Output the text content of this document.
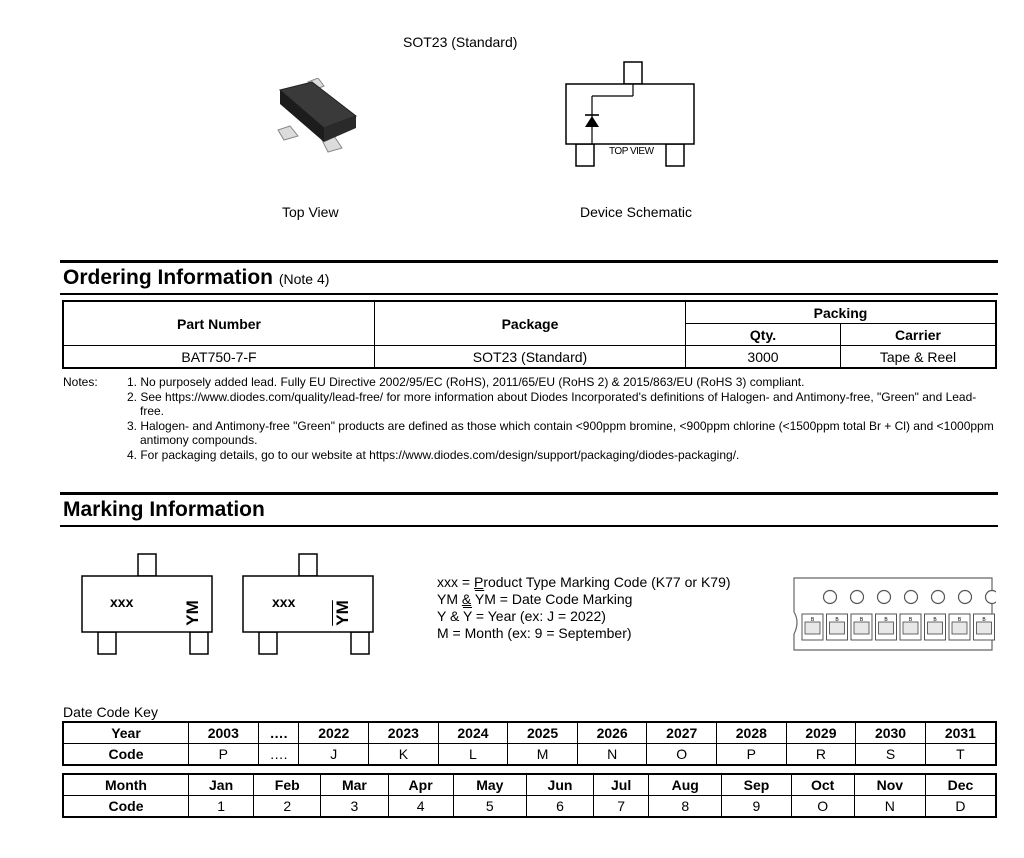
SOT23 (Standard)
TOP VIEW
Top View	Device Schematic
Ordering Information (Note 4)
Part Number	Package	Packing	
		Qty.	Carrier
BAT750-7-F	SOT23 (Standard)	3000	Tape & Reel
Notes: 1. No purposely added lead. Fully EU Directive 2002/95/EC (RoHS), 2011/65/EU (RoHS 2) & 2015/863/EU (RoHS 3) compliant.
2. See https://www.diodes.com/quality/lead-free/ for more information about Diodes Incorporated's definitions of Halogen- and Antimony-free, "Green" and Lead-free.
3. Halogen- and Antimony-free "Green" products are defined as those which contain <900ppm bromine, <900ppm chlorine (<1500ppm total Br + Cl) and <1000ppm antimony compounds.
4. For packaging details, go to our website at https://www.diodes.com/design/support/packaging/diodes-packaging/.
Marking Information
xxx	YM	xxx $\overline{YM}$
xxx = Product Type Marking Code (K77 or K79)
YM & $\overline{Y}M$ = Date Code Marking
Y & $\overline{Y}$ = Year (ex: J = 2022)
M = Month (ex: 9 = September)
B	B	B	B	B	B	B	B
Date Code Key
Year	2003	….	2022	2023	2024	2025	2026	2027	2028	2029	2030	2031
Code	P	….	J	K	L	M	N	O	P	R	S	T
Month	Jan	Feb	Mar	Apr	May	Jun	Jul	Aug	Sep	Oct	Nov	Dec
Code	1	2	3	4	5	6	7	8	9	O	N	D
